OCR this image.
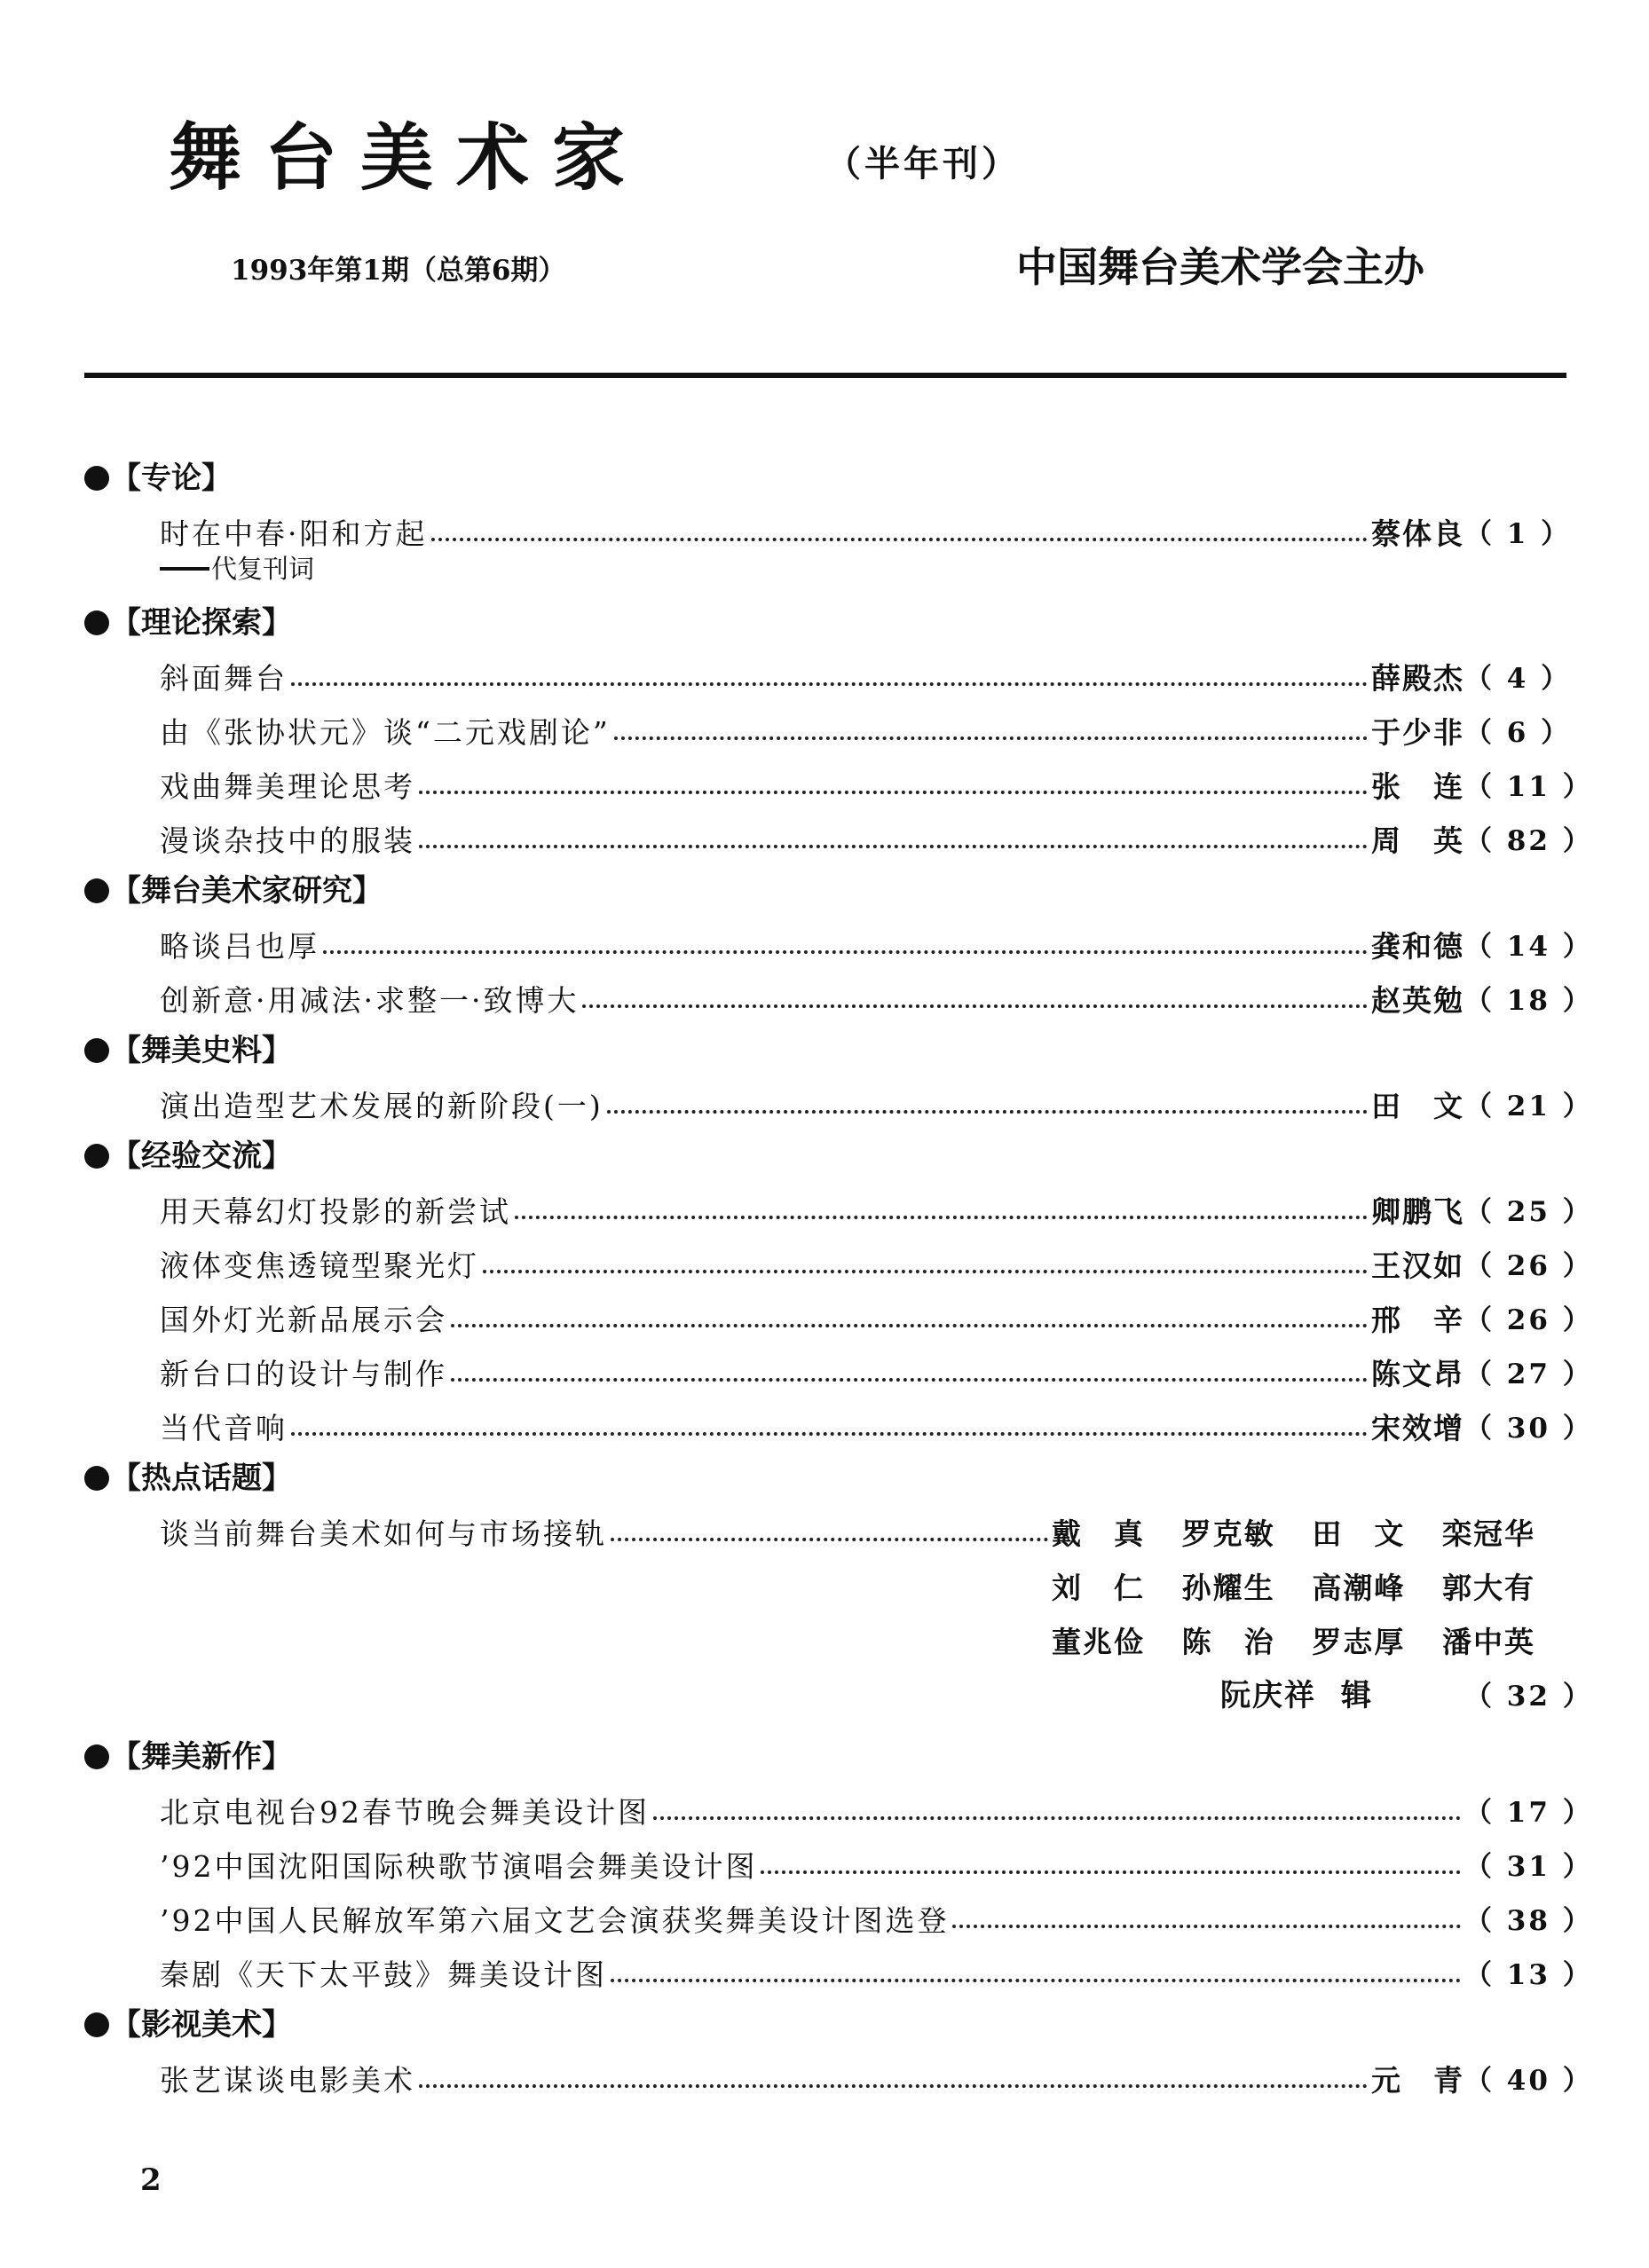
舞台美术家	（半年刊）
1993年第1期（总第6期）	中国舞台美术学会主办
【专论】
时在中春·阳和方起	蔡体良 （ 1 ）
代复刊词
【理论探索】
斜面舞台	薛殿杰 （ 4 ）
由《张协状元》谈“二元戏剧论”	于少非 （ 6 ）
戏曲舞美理论思考	张　连 （ 11 ）
漫谈杂技中的服装	周　英 （ 82 ）
【舞台美术家研究】
略谈吕也厚	龚和德 （ 14 ）
创新意·用减法·求整一·致博大	赵英勉 （ 18 ）
【舞美史料】
演出造型艺术发展的新阶段(一)	田　文 （ 21 ）
【经验交流】
用天幕幻灯投影的新尝试	卿鹏飞 （ 25 ）
液体变焦透镜型聚光灯	王汉如 （ 26 ）
国外灯光新品展示会	邢　辛 （ 26 ）
新台口的设计与制作	陈文昂 （ 27 ）
当代音响	宋效增 （ 30 ）
【热点话题】
谈当前舞台美术如何与市场接轨	戴　真	罗克敏	田　文	栾冠华
刘　仁	孙耀生	高潮峰	郭大有
董兆俭	陈　治	罗志厚	潘中英
阮庆祥 辑	（ 32 ）
【舞美新作】
北京电视台92春节晚会舞美设计图	（ 17 ）
’92中国沈阳国际秧歌节演唱会舞美设计图	（ 31 ）
’92中国人民解放军第六届文艺会演获奖舞美设计图选登	（ 38 ）
秦剧《天下太平鼓》舞美设计图	（ 13 ）
【影视美术】
张艺谋谈电影美术	元　青 （ 40 ）
2
